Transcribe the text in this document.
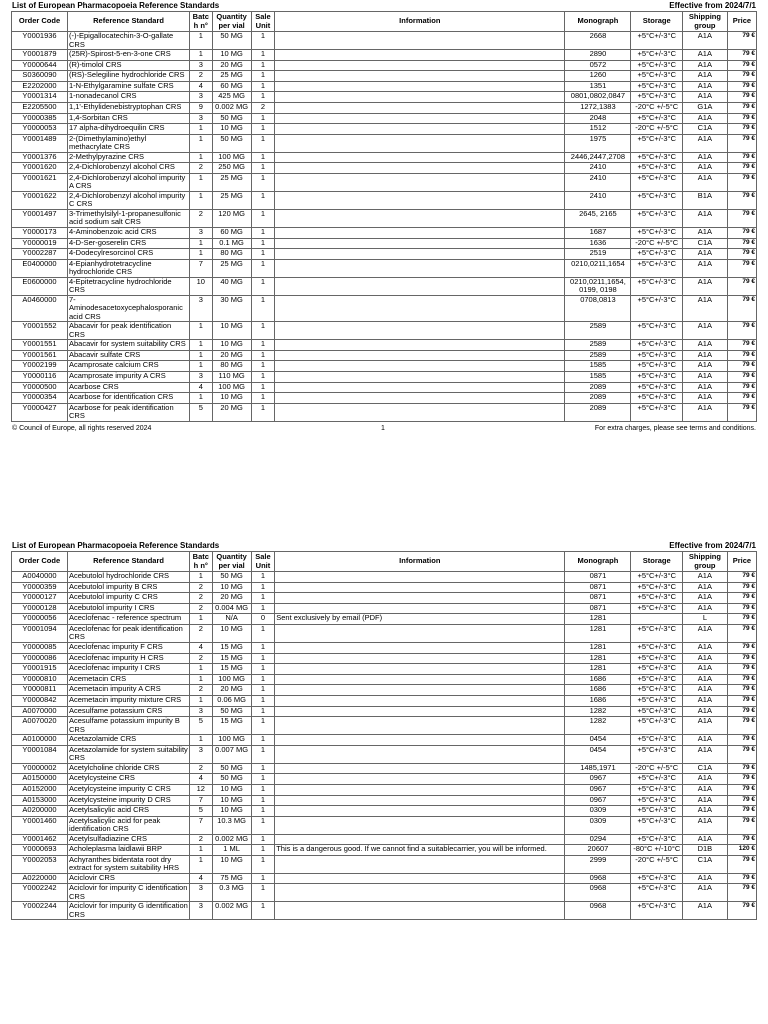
List of European Pharmacopoeia Reference Standards	Effective from 2024/7/1
Order Code	Reference Standard	Batc h n°	Quantity per vial	Sale Unit	Information	Monograph	Storage	Shipping group	Price
Y0001936	(-)-Epigallocatechin-3-O-gallate CRS	1	50 MG	1		2668	+5°C+/-3°C	A1A	79 €
Y0001879	(25R)-Spirost-5-en-3-one CRS	1	10 MG	1		2890	+5°C+/-3°C	A1A	79 €
Y0000644	(R)-timolol CRS	3	20 MG	1		0572	+5°C+/-3°C	A1A	79 €
S0360090	(RS)-Selegiline hydrochloride CRS	2	25 MG	1		1260	+5°C+/-3°C	A1A	79 €
E2202000	1-N-Ethylgaramine sulfate CRS	4	60 MG	1		1351	+5°C+/-3°C	A1A	79 €
Y0001314	1-nonadecanol CRS	3	425 MG	1		0801,0802,0847	+5°C+/-3°C	A1A	79 €
E2205500	1,1'-Ethylidenebistryptophan CRS	9	0.002 MG	2		1272,1383	-20°C +/-5°C	G1A	79 €
Y0000385	1,4-Sorbitan CRS	3	50 MG	1		2048	+5°C+/-3°C	A1A	79 €
Y0000053	17 alpha-dihydroequilin CRS	1	10 MG	1		1512	-20°C +/-5°C	C1A	79 €
Y0001489	2-(Dimethylamino)ethyl methacrylate CRS	1	50 MG	1		1975	+5°C+/-3°C	A1A	79 €
Y0001376	2-Methylpyrazine CRS	1	100 MG	1		2446,2447,2708	+5°C+/-3°C	A1A	79 €
Y0001620	2,4-Dichlorobenzyl alcohol CRS	2	250 MG	1		2410	+5°C+/-3°C	A1A	79 €
Y0001621	2,4-Dichlorobenzyl alcohol impurity A CRS	1	25 MG	1		2410	+5°C+/-3°C	A1A	79 €
Y0001622	2,4-Dichlorobenzyl alcohol impurity C CRS	1	25 MG	1		2410	+5°C+/-3°C	B1A	79 €
Y0001497	3-Trimethylsilyl-1-propanesulfonic acid sodium salt CRS	2	120 MG	1		2645, 2165	+5°C+/-3°C	A1A	79 €
Y0000173	4-Aminobenzoic acid CRS	3	60 MG	1		1687	+5°C+/-3°C	A1A	79 €
Y0000019	4-D-Ser-goserelin CRS	1	0.1 MG	1		1636	-20°C +/-5°C	C1A	79 €
Y0002287	4-Dodecylresorcinol CRS	1	80 MG	1		2519	+5°C+/-3°C	A1A	79 €
E0400000	4-Epianhydrotetracycline hydrochloride CRS	7	25 MG	1		0210,0211,1654	+5°C+/-3°C	A1A	79 €
E0600000	4-Epitetracycline hydrochloride CRS	10	40 MG	1		0210,0211,1654, 0199, 0198	+5°C+/-3°C	A1A	79 €
A0460000	7-Aminodesacetoxycephalosporanic acid CRS	3	30 MG	1		0708,0813	+5°C+/-3°C	A1A	79 €
Y0001552	Abacavir for peak identification CRS	1	10 MG	1		2589	+5°C+/-3°C	A1A	79 €
Y0001551	Abacavir for system suitability CRS	1	10 MG	1		2589	+5°C+/-3°C	A1A	79 €
Y0001561	Abacavir sulfate CRS	1	20 MG	1		2589	+5°C+/-3°C	A1A	79 €
Y0002199	Acamprosate calcium CRS	1	80 MG	1		1585	+5°C+/-3°C	A1A	79 €
Y0000116	Acamprosate impurity A CRS	3	110 MG	1		1585	+5°C+/-3°C	A1A	79 €
Y0000500	Acarbose CRS	4	100 MG	1		2089	+5°C+/-3°C	A1A	79 €
Y0000354	Acarbose for identification CRS	1	10 MG	1		2089	+5°C+/-3°C	A1A	79 €
Y0000427	Acarbose for peak identification CRS	5	20 MG	1		2089	+5°C+/-3°C	A1A	79 €
© Council of Europe, all rights reserved 2024	1	For extra charges, please see terms and conditions.
List of European Pharmacopoeia Reference Standards	Effective from 2024/7/1
Order Code	Reference Standard	Batc h n°	Quantity per vial	Sale Unit	Information	Monograph	Storage	Shipping group	Price
A0040000	Acebutolol hydrochloride CRS	1	50 MG	1		0871	+5°C+/-3°C	A1A	79 €
Y0000359	Acebutolol impurity B CRS	2	10 MG	1		0871	+5°C+/-3°C	A1A	79 €
Y0000127	Acebutolol impurity C CRS	2	20 MG	1		0871	+5°C+/-3°C	A1A	79 €
Y0000128	Acebutolol impurity I CRS	2	0.004 MG	1		0871	+5°C+/-3°C	A1A	79 €
Y0000056	Aceclofenac - reference spectrum	1	N/A	0	Sent exclusively by email (PDF)	1281		L	79 €
Y0001094	Aceclofenac for peak identification CRS	2	10 MG	1		1281	+5°C+/-3°C	A1A	79 €
Y0000085	Aceclofenac impurity F CRS	4	15 MG	1		1281	+5°C+/-3°C	A1A	79 €
Y0000086	Aceclofenac impurity H CRS	2	15 MG	1		1281	+5°C+/-3°C	A1A	79 €
Y0001915	Aceclofenac impurity I CRS	1	15 MG	1		1281	+5°C+/-3°C	A1A	79 €
Y0000810	Acemetacin CRS	1	100 MG	1		1686	+5°C+/-3°C	A1A	79 €
Y0000811	Acemetacin impurity A CRS	2	20 MG	1		1686	+5°C+/-3°C	A1A	79 €
Y0000842	Acemetacin impurity mixture CRS	1	0.06 MG	1		1686	+5°C+/-3°C	A1A	79 €
A0070000	Acesulfame potassium CRS	3	50 MG	1		1282	+5°C+/-3°C	A1A	79 €
A0070020	Acesulfame potassium impurity B CRS	5	15 MG	1		1282	+5°C+/-3°C	A1A	79 €
A0100000	Acetazolamide CRS	1	100 MG	1		0454	+5°C+/-3°C	A1A	79 €
Y0001084	Acetazolamide for system suitability CRS	3	0.007 MG	1		0454	+5°C+/-3°C	A1A	79 €
Y0000002	Acetylcholine chloride CRS	2	50 MG	1		1485,1971	-20°C +/-5°C	C1A	79 €
A0150000	Acetylcysteine CRS	4	50 MG	1		0967	+5°C+/-3°C	A1A	79 €
A0152000	Acetylcysteine impurity C CRS	12	10 MG	1		0967	+5°C+/-3°C	A1A	79 €
A0153000	Acetylcysteine impurity D CRS	7	10 MG	1		0967	+5°C+/-3°C	A1A	79 €
A0200000	Acetylsalicylic acid CRS	5	10 MG	1		0309	+5°C+/-3°C	A1A	79 €
Y0001460	Acetylsalicylic acid for peak identification CRS	7	10.3 MG	1		0309	+5°C+/-3°C	A1A	79 €
Y0001462	Acetylsulfadiazine CRS	2	0.002 MG	1		0294	+5°C+/-3°C	A1A	79 €
Y0000693	Acholeplasma laidlawii BRP	1	1 ML	1	This is a dangerous good. If we cannot find a suitablecarrier, you will be informed.	20607	-80°C +/-10°C	D1B	120 €
Y0002053	Achyranthes bidentata root dry extract for system suitability HRS	1	10 MG	1		2999	-20°C +/-5°C	C1A	79 €
A0220000	Aciclovir CRS	4	75 MG	1		0968	+5°C+/-3°C	A1A	79 €
Y0002242	Aciclovir for impurity C identification CRS	3	0.3 MG	1		0968	+5°C+/-3°C	A1A	79 €
Y0002244	Aciclovir for impurity G identification CRS	3	0.002 MG	1		0968	+5°C+/-3°C	A1A	79 €
